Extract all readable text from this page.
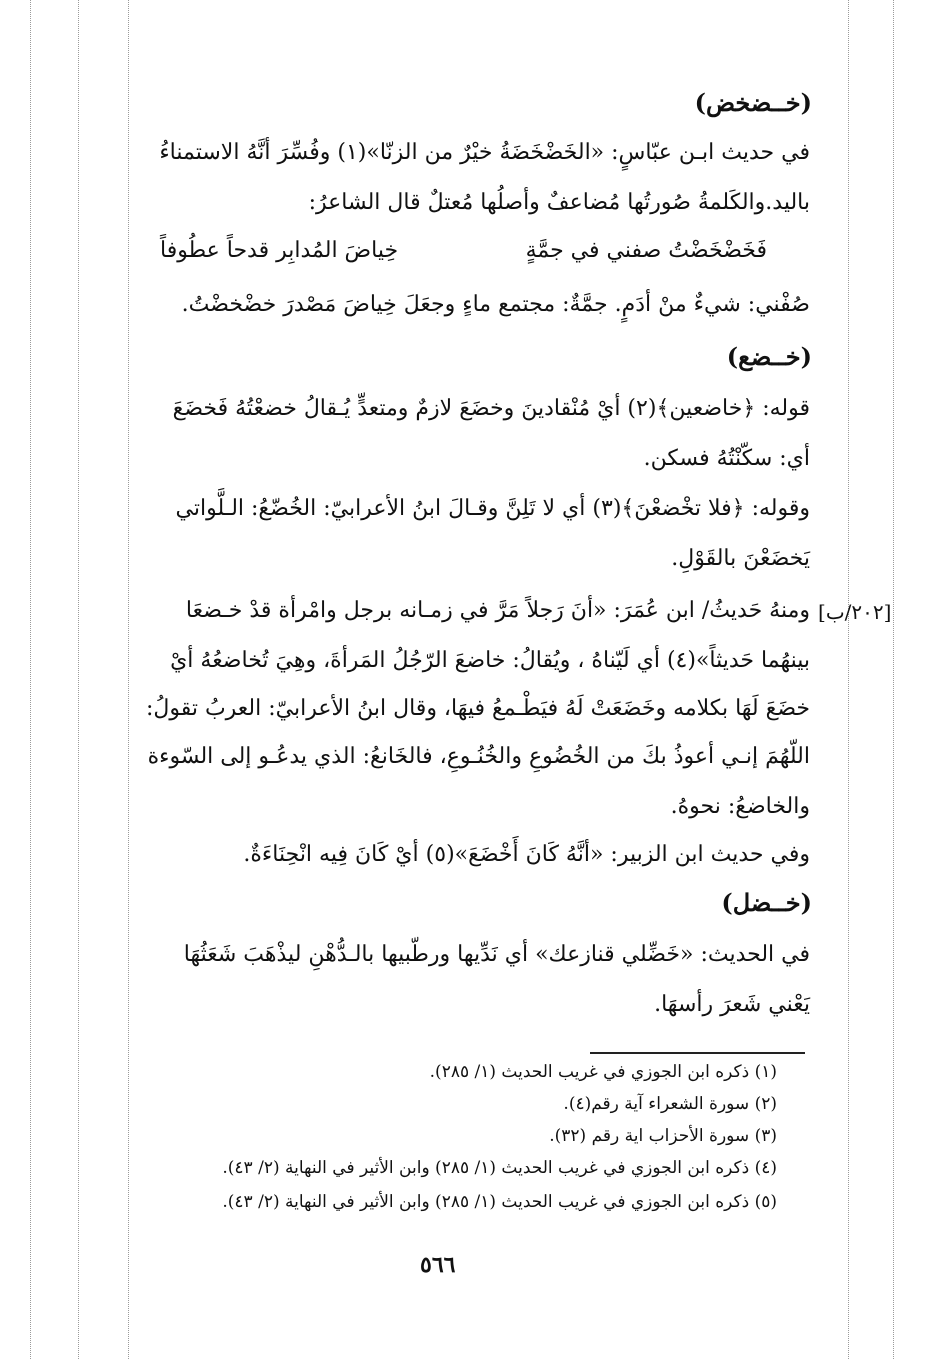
(خــضخض)
في حديث ابـن عبّاسٍ: «الخَضْخَضَةُ خيْرٌ من الزنّا»(١) وفُسِّرَ أنَّهُ الاستمناءُ
باليد.والكَلمةُ صُورتُها مُضاعفٌ وأصلُها مُعتلٌ قال الشاعرُ:
فَخَضْخَضْتُ صفني في جمَّةٍ
خِياضَ المُدابِر قدحاً عطُوفاً
صُفْني: شيءٌ منْ أدَمٍ. جمَّةٌ: مجتمع ماءٍ وجعَلَ خِياضَ مَصْدرَ خضْخضْتُ.
(خــضع)
قوله: ﴿خاضعين﴾(٢) أيْ مُنْقادينَ وخضَعَ لازمٌ ومتعدٍّ يُـقالُ خضعْتُهُ فَخضَعَ
أي: سكّنْتُهُ فسكن.
وقوله: ﴿فلا تخْضعْنَ﴾(٣) أي لا تَلِنَّ وقـالَ ابنُ الأعرابيّ: الخُضّعُ: الـلَّواتي
يَخضَعْنَ بالقَوْلِ.
[٢٠٢/ب]
ومنهُ حَديثُ/ ابن عُمَرَ: «أنَ رَجلاً مَرَّ في زمـانه برجل وامْرأة قدْ خـضعَا
بينهُما حَديثاً»(٤) أي لَيّناهُ ، ويُقالُ: خاضعَ الرّجُلُ المَرأةَ، وهِيَ تُخاضعُهُ أيْ
خضَعَ لَهَا بكلامه وخَضَعَتْ لَهُ فيَطْـمعُ فيهَا، وقال ابنُ الأعرابيّ: العربُ تقولُ:
اللّهُمَ إنـي أعوذُ بكَ من الخُضُوعِ والخُنُـوعِ، فالخَانعُ: الذي يدعُـو إلى السّوءة
والخاضعُ: نحوهُ.
وفي حديث ابن الزبير: «أنَّهُ كَانَ أَخْضَعَ»(٥) أيْ كَانَ فِيه انْحِنَاءَةٌ.
(خــضل)
في الحديث: «خَضِّلي قنازعك» أي نَدِّيها ورطّبيها بالـدُّهْنِ ليذْهَبَ شَعَثُهَا
يَعْني شَعرَ رأسهَا.
(١) ذكره ابن الجوزي في غريب الحديث (١/ ٢٨٥).
(٢) سورة الشعراء آية رقم(٤).
(٣) سورة الأحزاب اية رقم (٣٢).
(٤) ذكره ابن الجوزي في غريب الحديث (١/ ٢٨٥) وابن الأثير في النهاية (٢/ ٤٣).
(٥) ذكره ابن الجوزي في غريب الحديث (١/ ٢٨٥) وابن الأثير في النهاية (٢/ ٤٣).
٥٦٦
